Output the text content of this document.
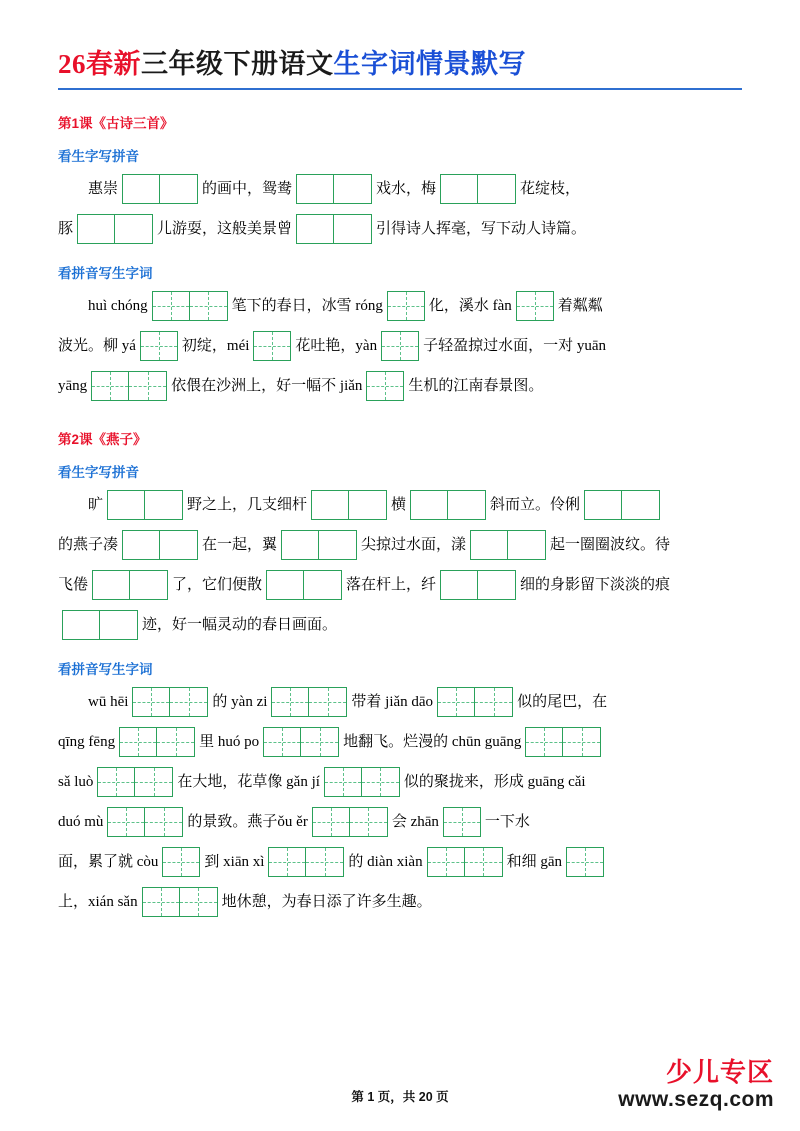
26春新三年级下册语文生字词情景默写
第1课《古诗三首》
看生字写拼音
惠崇	的画中，鸳鸯	戏水，梅	花绽枝，
豚	儿游耍，这般美景曾	引得诗人挥毫，写下动人诗篇。
看拼音写生字词
huì chóng	笔下的春日，冰雪 róng	化，溪水 fàn	着粼粼
波光。柳 yá	初绽，méi	花吐艳，yàn	子轻盈掠过水面，一对 yuān
yāng	依偎在沙洲上，好一幅不 jiǎn	生机的江南春景图。
第2课《燕子》
看生字写拼音
旷	野之上，几支细杆	横	斜而立。伶俐
的燕子凑	在一起，翼	尖掠过水面，漾	起一圈圈波纹。待
飞倦	了，它们便散	落在杆上，纤	细的身影留下淡淡的痕
迹，好一幅灵动的春日画面。
看拼音写生字词
wū hēi	的 yàn zi	带着 jiǎn dāo	似的尾巴，在
qīng fēng	里 huó po	地翻飞。烂漫的 chūn guāng
sǎ luò	在大地，花草像 gǎn jí	似的聚拢来，形成 guāng cǎi
duó mù	的景致。燕子ǒu ěr	会 zhān	一下水
面，累了就 còu	到 xiān xì	的 diàn xiàn	和细 gān
上，xián sǎn	地休憩，为春日添了许多生趣。
第 1 页，共 20 页
少儿专区
www.sezq.com
